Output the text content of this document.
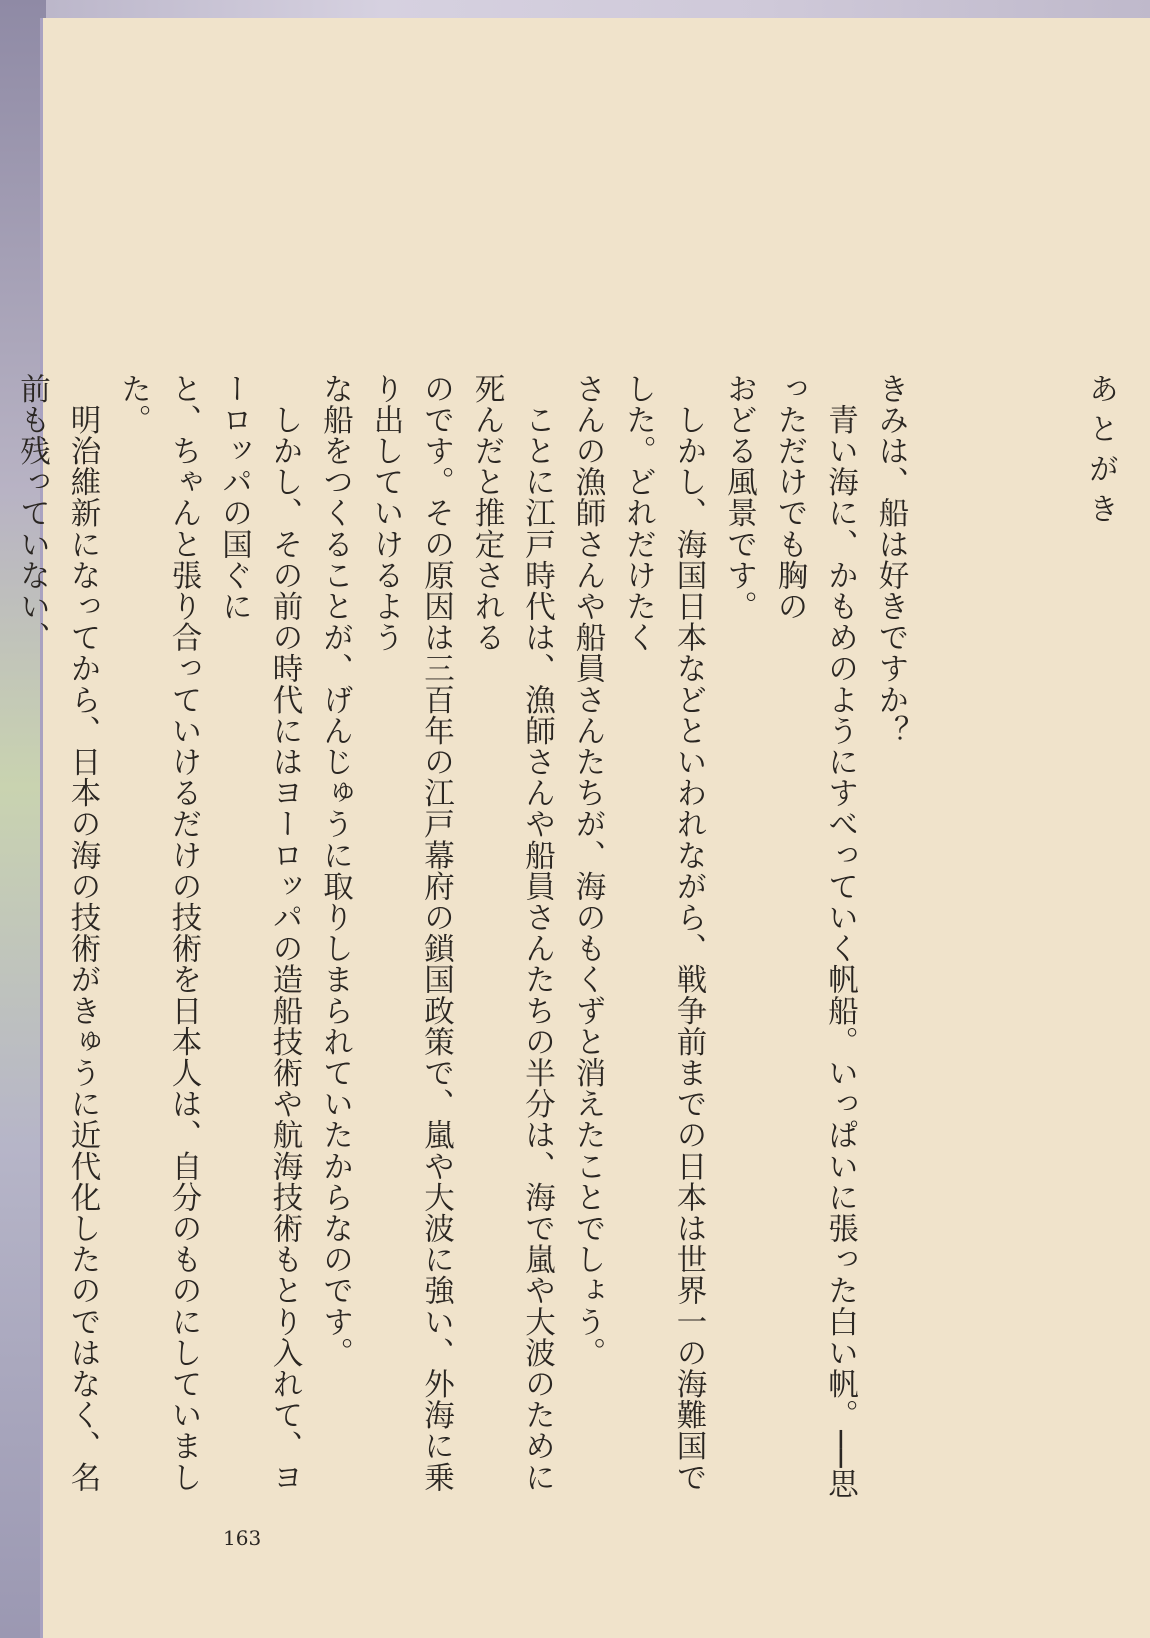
あとがき
きみは、船は好きですか？
　青い海に、かもめのようにすべっていく帆船。いっぱいに張った白い帆。──思っただけでも胸の
おどる風景です。
　しかし、海国日本などといわれながら、戦争前までの日本は世界一の海難国でした。どれだけたく
さんの漁師さんや船員さんたちが、海のもくずと消えたことでしょう。
　ことに江戸時代は、漁師さんや船員さんたちの半分は、海で嵐や大波のために死んだと推定される
のです。その原因は三百年の江戸幕府の鎖国政策で、嵐や大波に強い、外海に乗り出していけるよう
な船をつくることが、げんじゅうに取りしまられていたからなのです。
　しかし、その前の時代にはヨーロッパの造船技術や航海技術もとり入れて、ヨーロッパの国ぐに
と、ちゃんと張り合っていけるだけの技術を日本人は、自分のものにしていました。
　明治維新になってから、日本の海の技術がきゅうに近代化したのではなく、名前も残っていない、
163
